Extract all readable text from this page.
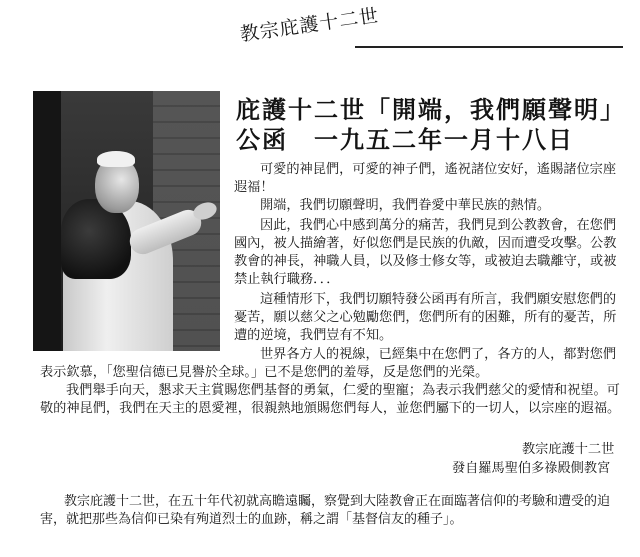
教宗庇護十二世
庇護十二世「開端，我們願聲明」
公函　一九五二年一月十八日

可愛的神昆們，可愛的神子們，遙祝諸位安好，遙賜諸位宗座遐福！

開端，我們切願聲明，我們眷愛中華民族的熱情。

因此，我們心中感到萬分的痛苦，我們見到公教教會，在您們國內，被人描繪著，好似您們是民族的仇敵，因而遭受攻擊。公教教會的神長，神職人員，以及修士修女等，或被迫去職離守，或被禁止執行職務．．．

這種情形下，我們切願特發公函再有所言，我們願安慰您們的憂苦，願以慈父之心勉勵您們，您們所有的困難，所有的憂苦，所遭的逆境，我們豈有不知。

世界各方人的視線，已經集中在您們了，各方的人，都對您們表示欽慕，「您聖信德已見譽於全球。」已不是您們的羞辱，反是您們的光榮。

我們舉手向天，懇求天主賞賜您們基督的勇氣，仁愛的聖寵；為表示我們慈父的愛情和祝望。可敬的神昆們，我們在天主的恩愛裡，很親熱地頒賜您們每人，並您們屬下的一切人，以宗座的遐福。

教宗庇護十二世
發自羅馬聖伯多祿殿側教宮

教宗庇護十二世，在五十年代初就高瞻遠矚，察覺到大陸教會正在面臨著信仰的考驗和遭受的迫害，就把那些為信仰已染有殉道烈士的血跡，稱之謂「基督信友的種子」。
